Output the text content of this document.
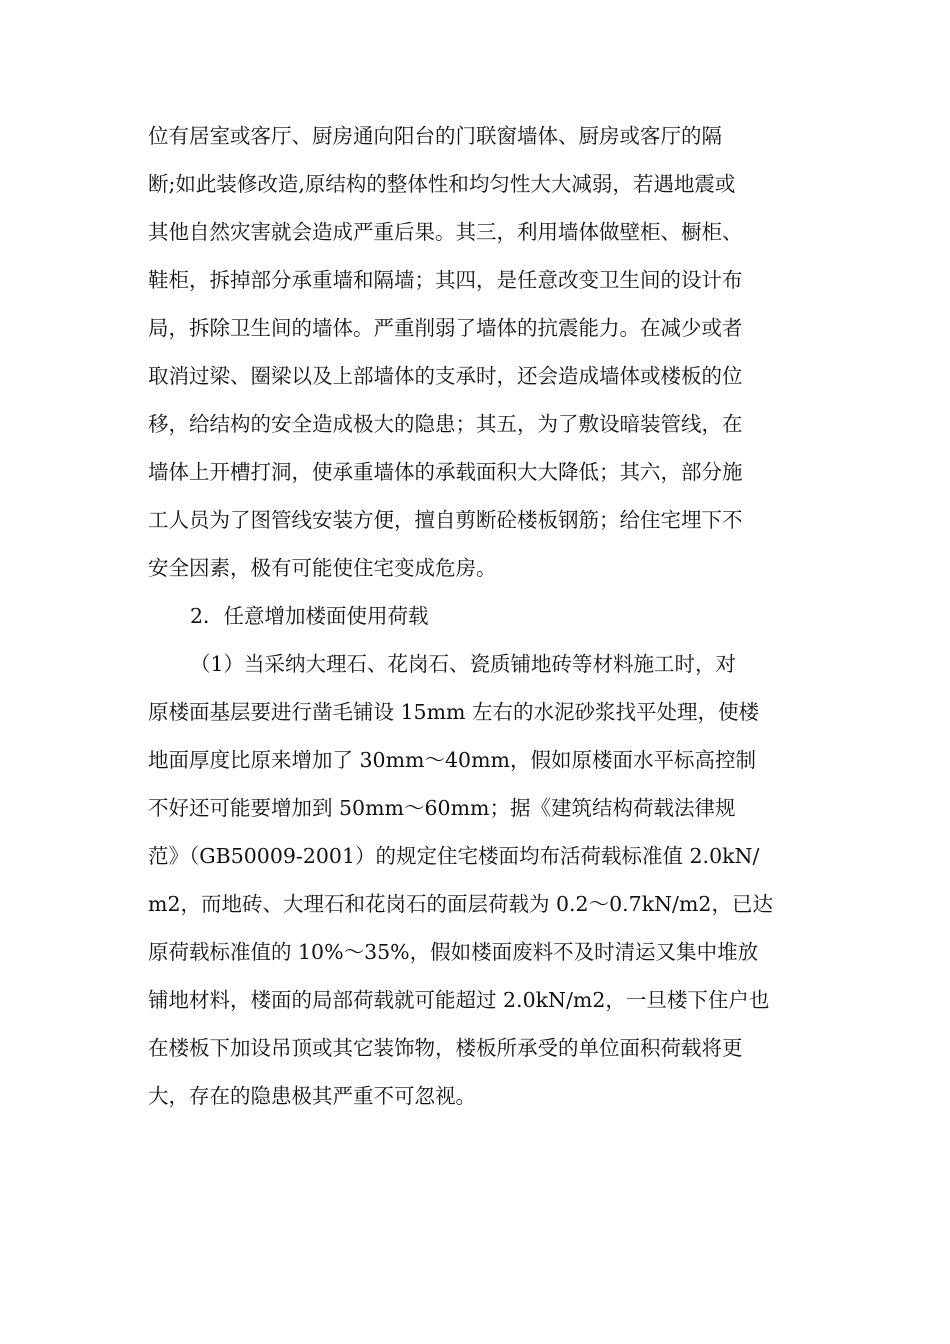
位有居室或客厅、厨房通向阳台的门联窗墙体、厨房或客厅的隔
断;如此装修改造,原结构的整体性和均匀性大大减弱，若遇地震或
其他自然灾害就会造成严重后果。其三，利用墙体做壁柜、橱柜、
鞋柜，拆掉部分承重墙和隔墙；其四，是任意改变卫生间的设计布
局，拆除卫生间的墙体。严重削弱了墙体的抗震能力。在减少或者
取消过梁、圈梁以及上部墙体的支承时，还会造成墙体或楼板的位
移，给结构的安全造成极大的隐患；其五，为了敷设暗装管线，在
墙体上开槽打洞，使承重墙体的承载面积大大降低；其六，部分施
工人员为了图管线安装方便，擅自剪断砼楼板钢筋；给住宅埋下不
安全因素，极有可能使住宅变成危房。
2．任意增加楼面使用荷载
（1）当采纳大理石、花岗石、瓷质铺地砖等材料施工时，对
原楼面基层要进行凿毛铺设 15mm 左右的水泥砂浆找平处理，使楼
地面厚度比原来增加了 30mm～40mm，假如原楼面水平标高控制
不好还可能要增加到 50mm～60mm；据《建筑结构荷载法律规
范》（GB50009-2001）的规定住宅楼面均布活荷载标准值 2.0kN/
m2，而地砖、大理石和花岗石的面层荷载为 0.2～0.7kN/m2，已达
原荷载标准值的 10%～35%，假如楼面废料不及时清运又集中堆放
铺地材料，楼面的局部荷载就可能超过 2.0kN/m2，一旦楼下住户也
在楼板下加设吊顶或其它装饰物，楼板所承受的单位面积荷载将更
大，存在的隐患极其严重不可忽视。
